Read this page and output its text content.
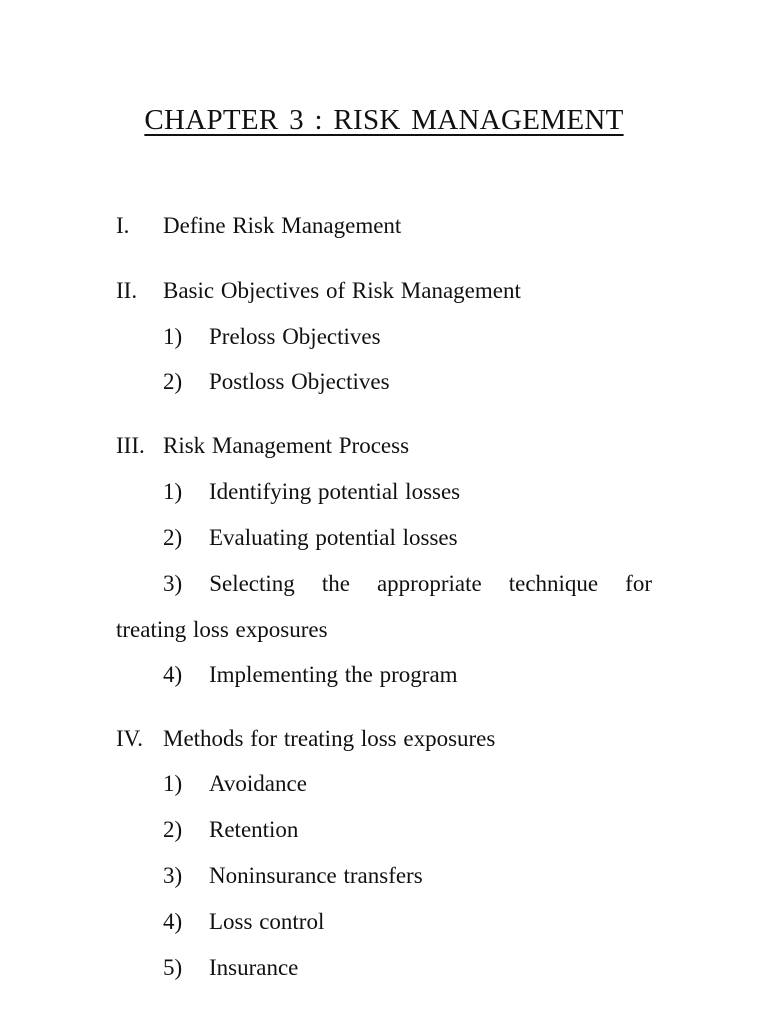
CHAPTER 3 : RISK MANAGEMENT
I. Define Risk Management
II. Basic Objectives of Risk Management
1) Preloss Objectives
2) Postloss Objectives
III. Risk Management Process
1) Identifying potential losses
2) Evaluating potential losses
3) Selecting the appropriate technique for
treating loss exposures
4) Implementing the program
IV. Methods for treating loss exposures
1) Avoidance
2) Retention
3) Noninsurance transfers
4) Loss control
5) Insurance
